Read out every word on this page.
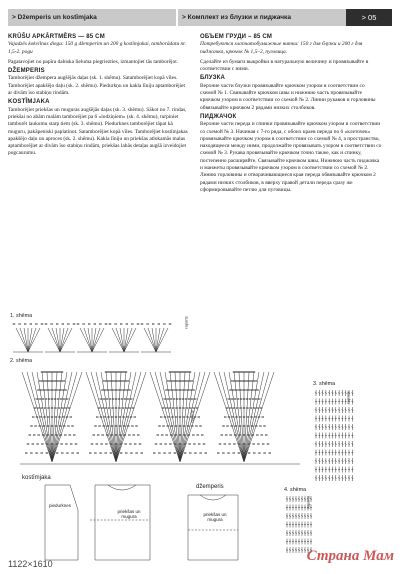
> Džemperis un kostīmjaka	> Комплект из блузки и пиджачка	> 05
KRŪŠU APKĀRTMĒRS — 85 CM

Vajadzēs kokvilnas diegu: 150 g džemperim un 200 g kostīmjakai, tamborādatu nr. 1,5-2. pogu

Pagatavojiet no papīra dabiska lieluma piegriezties, izmantojiet tās tamborējot.

DŽEMPERIS

Tamborējiet džempera augšējās daļas (sk. 1. shēmu). Satamborējiet kopā vīles. Tamborējiet apakšējo daļu (sk. 2. shēmu). Piedurkņu un kakla līniju aptamborējiet ar divām īso stabiņu rindām.

KOSTĪMJAKA

Tamborējiet priekšas un muguras augšējās daļas (sk. 3. shēmu). Sākot no 7. rindas, priekšai no abām malām tamborējiet pa 6 «lodziņiem» (sk. 4. shēmu), turpiniet tamborēt laukumu starp tiem (sk. 3. shēmu). Piedurknes tamborējiet tāpat kā muguru, pakāpeniski paplatinot. Satamborējiet kopā vīles. Tamborējiet kostīmjakas apakšējo daļu un aproces (sk. 2. shēmu). Kakla līniju un priekšas atlokamās malas aptamborējiet ar divām īso stabiņu rindām, priekšas labās detaļas augšā izveidojiet pogcaurumu.

ОБЪЕМ ГРУДИ – 85 CM

Потребуются хлопчатобумажные нитки: 150 г для блузки и 200 г для пиджачка, крючок № 1,5–2, пуговица.

Сделайте из бумаги выкройки в натуральную величину и провязывайте в соответствии с ними.

БЛУЗКА

Верхние части блузки провязывайте крючком узором в соответствии со схемой № 1. Связывайте крючком швы и нижнюю часть провязывайте крючком узором в соответствии со схемой № 2. Линии рукавов и горловины обвязывайте крючком 2 рядами низких столбиков.

ПИДЖАЧОК

Верхние части переда и спинки провязывайте крючком узором в соответствии со схемой № 3. Начиная с 7-го ряда, с обоих краев переда по 6 «клеточек» провязывайте крючком узором в соответствии со схемой № 4, а пространство, находящееся между ними, продолжайте провязывать узором в соответствии со схемой № 3. Рукава провязывайте крючком точно также, как и спинку, постепенно расширяйте. Связывайте крючком швы. Нижнюю часть пиджачка и манжеты провязывайте крючком узором в соответствии со схемой № 2. Линию горловины и отворачивающиеся края переда обвязывайте крючком 2 рядами низких столбиков, в вверху правой детали переда сразу же сформировывайте петлю для пуговицы.

1. shēma
2. shēma
3. shēma
4. shēma
kostīmjaka
džemperis
piedurknes
priekšas un mugura	priekšas un mugura
raports
raports
raports
raports
1122×1610	Страна Мам
